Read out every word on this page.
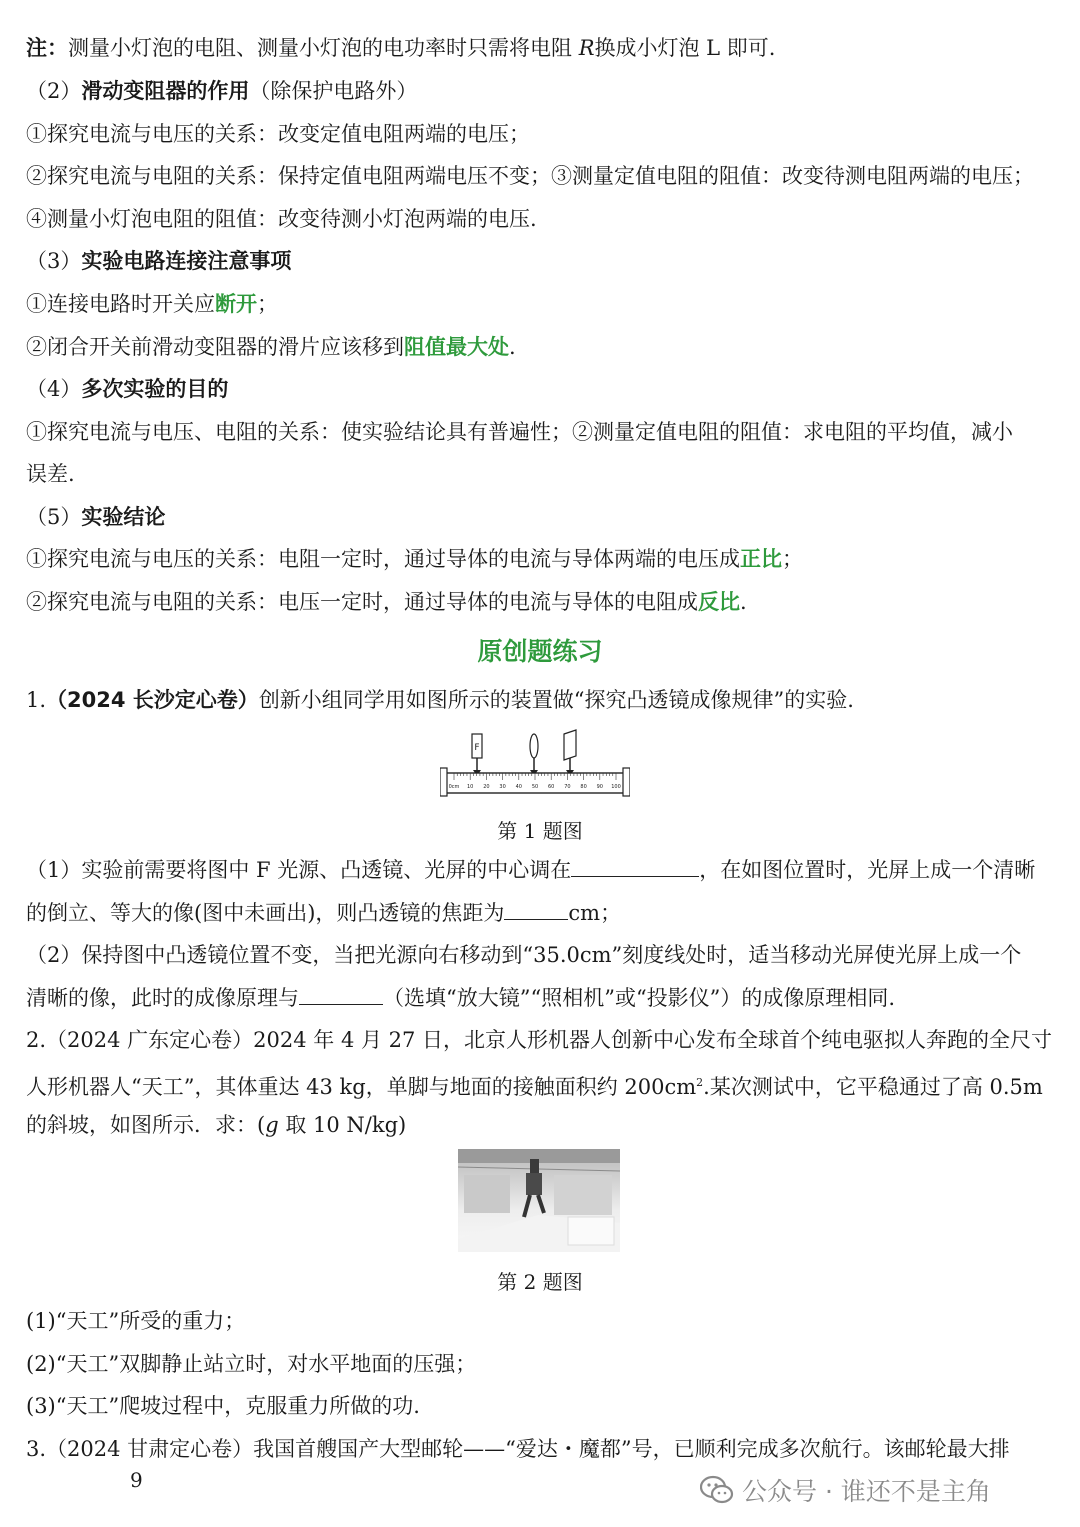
注：测量小灯泡的电阻、测量小灯泡的电功率时只需将电阻 R换成小灯泡 L 即可.
（2）滑动变阻器的作用（除保护电路外）
①探究电流与电压的关系：改变定值电阻两端的电压；
②探究电流与电阻的关系：保持定值电阻两端电压不变；③测量定值电阻的阻值：改变待测电阻两端的电压；
④测量小灯泡电阻的阻值：改变待测小灯泡两端的电压.
（3）实验电路连接注意事项
①连接电路时开关应断开；
②闭合开关前滑动变阻器的滑片应该移到阻值最大处.
（4）多次实验的目的
①探究电流与电压、电阻的关系：使实验结论具有普遍性；②测量定值电阻的阻值：求电阻的平均值，减小
误差.
（5）实验结论
①探究电流与电压的关系：电阻一定时，通过导体的电流与导体两端的电压成正比；
②探究电流与电阻的关系：电压一定时，通过导体的电流与导体的电阻成反比.
原创题练习
1.（2024 长沙定心卷）创新小组同学用如图所示的装置做“探究凸透镜成像规律”的实验.
0cm 10 20 30 40 50 60 70 80 90 100
F
第 1 题图
（1）实验前需要将图中 F 光源、凸透镜、光屏的中心调在	，在如图位置时，光屏上成一个清晰
的倒立、等大的像(图中未画出)，则凸透镜的焦距为	cm；
（2）保持图中凸透镜位置不变，当把光源向右移动到“35.0cm”刻度线处时，适当移动光屏使光屏上成一个
清晰的像，此时的成像原理与	（选填“放大镜”“照相机”或“投影仪”）的成像原理相同.
2.（2024 广东定心卷）2024 年 4 月 27 日，北京人形机器人创新中心发布全球首个纯电驱拟人奔跑的全尺寸
人形机器人“天工”，其体重达 43 kg，单脚与地面的接触面积约 $200cm^2$.某次测试中，它平稳通过了高 0.5m
的斜坡，如图所示．求：(g 取 10 N/kg)
第 2 题图
(1)“天工”所受的重力；
(2)“天工”双脚静止站立时，对水平地面的压强；
(3)“天工”爬坡过程中，克服重力所做的功.
3.（2024 甘肃定心卷）我国首艘国产大型邮轮——“爱达・魔都”号，已顺利完成多次航行。该邮轮最大排
9	公众号 · 谁还不是主角
